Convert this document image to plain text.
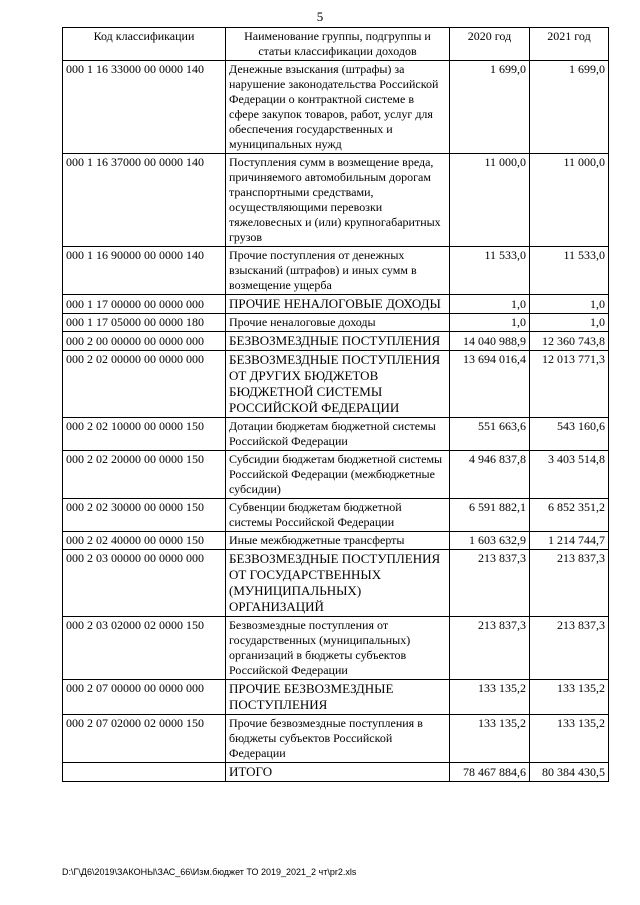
5
Код классификации	Наименование группы, подгруппы и статьи классификации доходов	2020 год	2021 год
000 1 16 33000 00 0000 140	Денежные взыскания (штрафы) за нарушение законодательства Российской Федерации о контрактной системе в сфере закупок товаров, работ, услуг для обеспечения государственных и муниципальных нужд	1 699,0	1 699,0
000 1 16 37000 00 0000 140	Поступления сумм в возмещение вреда, причиняемого автомобильным дорогам транспортными средствами, осуществляющими перевозки тяжеловесных и (или) крупногабаритных грузов	11 000,0	11 000,0
000 1 16 90000 00 0000 140	Прочие поступления от денежных взысканий (штрафов) и иных сумм в возмещение ущерба	11 533,0	11 533,0
000 1 17 00000 00 0000 000	ПРОЧИЕ НЕНАЛОГОВЫЕ ДОХОДЫ	1,0	1,0
000 1 17 05000 00 0000 180	Прочие неналоговые доходы	1,0	1,0
000 2 00 00000 00 0000 000	БЕЗВОЗМЕЗДНЫЕ ПОСТУПЛЕНИЯ	14 040 988,9	12 360 743,8
000 2 02 00000 00 0000 000	БЕЗВОЗМЕЗДНЫЕ ПОСТУПЛЕНИЯ ОТ ДРУГИХ БЮДЖЕТОВ БЮДЖЕТНОЙ СИСТЕМЫ РОССИЙСКОЙ ФЕДЕРАЦИИ	13 694 016,4	12 013 771,3
000 2 02 10000 00 0000 150	Дотации бюджетам бюджетной системы Российской Федерации	551 663,6	543 160,6
000 2 02 20000 00 0000 150	Субсидии бюджетам бюджетной системы Российской Федерации (межбюджетные субсидии)	4 946 837,8	3 403 514,8
000 2 02 30000 00 0000 150	Субвенции бюджетам бюджетной системы Российской Федерации	6 591 882,1	6 852 351,2
000 2 02 40000 00 0000 150	Иные межбюджетные трансферты	1 603 632,9	1 214 744,7
000 2 03 00000 00 0000 000	БЕЗВОЗМЕЗДНЫЕ ПОСТУПЛЕНИЯ ОТ ГОСУДАРСТВЕННЫХ (МУНИЦИПАЛЬНЫХ) ОРГАНИЗАЦИЙ	213 837,3	213 837,3
000 2 03 02000 02 0000 150	Безвозмездные поступления от государственных (муниципальных) организаций в бюджеты субъектов Российской Федерации	213 837,3	213 837,3
000 2 07 00000 00 0000 000	ПРОЧИЕ БЕЗВОЗМЕЗДНЫЕ ПОСТУПЛЕНИЯ	133 135,2	133 135,2
000 2 07 02000 02 0000 150	Прочие безвозмездные поступления в бюджеты субъектов Российской Федерации	133 135,2	133 135,2
	ИТОГО	78 467 884,6	80 384 430,5
D:\Г\Д6\2019\ЗАКОНЫ\ЗАС_66\Изм.бюджет ТО 2019_2021_2 чт\pr2.xls
